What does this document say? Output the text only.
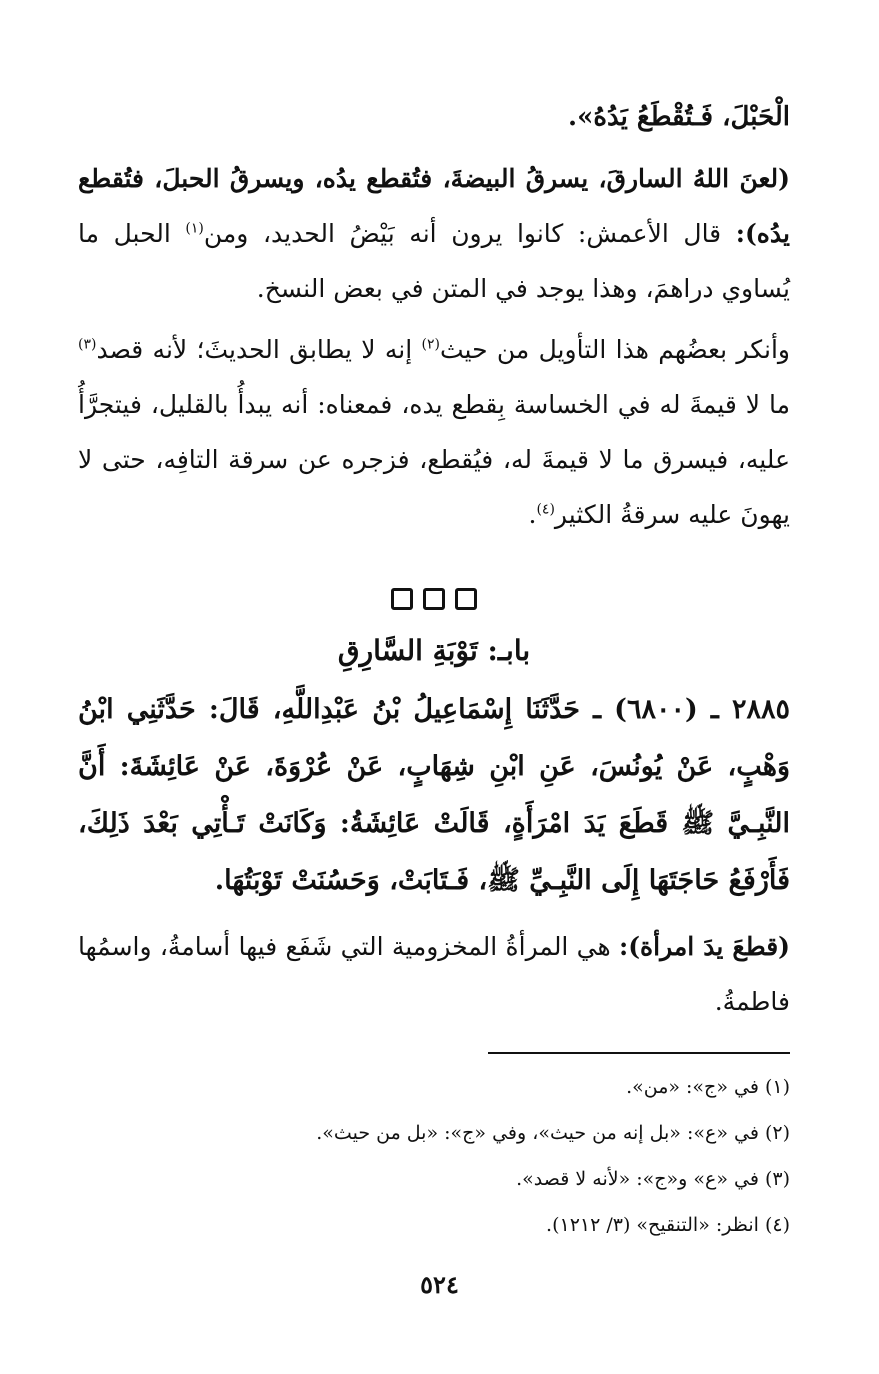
الْحَبْلَ، فَـتُقْطَعُ يَدُهُ».

(لعنَ اللهُ السارقَ، يسرقُ البيضةَ، فتُقطع يدُه، ويسرقُ الحبلَ، فتُقطع يدُه): قال الأعمش: كانوا يرون أنه بَيْضُ الحديد، ومن$^{(١)}$ الحبل ما يُساوي دراهمَ، وهذا يوجد في المتن في بعض النسخ.

وأنكر بعضُهم هذا التأويل من حيث$^{(٢)}$ إنه لا يطابق الحديثَ؛ لأنه قصد$^{(٣)}$ ما لا قيمةَ له في الخساسة بِقطع يده، فمعناه: أنه يبدأُ بالقليل، فيتجرَّأُ عليه، فيسرق ما لا قيمةَ له، فيُقطع، فزجره عن سرقة التافِه، حتى لا يهونَ عليه سرقةُ الكثير$^{(٤)}$.

بابـ: تَوْبَةِ السَّارِقِ

٢٨٨٥ ـ (٦٨٠٠) ـ حَدَّثَنَا إِسْمَاعِيلُ بْنُ عَبْدِاللَّهِ، قَالَ: حَدَّثَنِي ابْنُ وَهْبٍ، عَنْ يُونُسَ، عَنِ ابْنِ شِهَابٍ، عَنْ عُرْوَةَ، عَنْ عَائِشَةَ: أَنَّ النَّبِـيَّ ﷺ قَطَعَ يَدَ امْرَأَةٍ، قَالَتْ عَائِشَةُ: وَكَانَتْ تَـأْتِي بَعْدَ ذَلِكَ، فَأَرْفَعُ حَاجَتَهَا إِلَى النَّبِـيِّ ﷺ، فَـتَابَتْ، وَحَسُنَتْ تَوْبَتُهَا.

(قطعَ يدَ امرأة): هي المرأةُ المخزومية التي شَفَع فيها أسامةُ، واسمُها فاطمةُ.

(١) في «ج»: «من».
(٢) في «ع»: «بل إنه من حيث»، وفي «ج»: «بل من حيث».
(٣) في «ع» و«ج»: «لأنه لا قصد».
(٤) انظر: «التنقيح» (٣/ ١٢١٢).
٥٢٤
